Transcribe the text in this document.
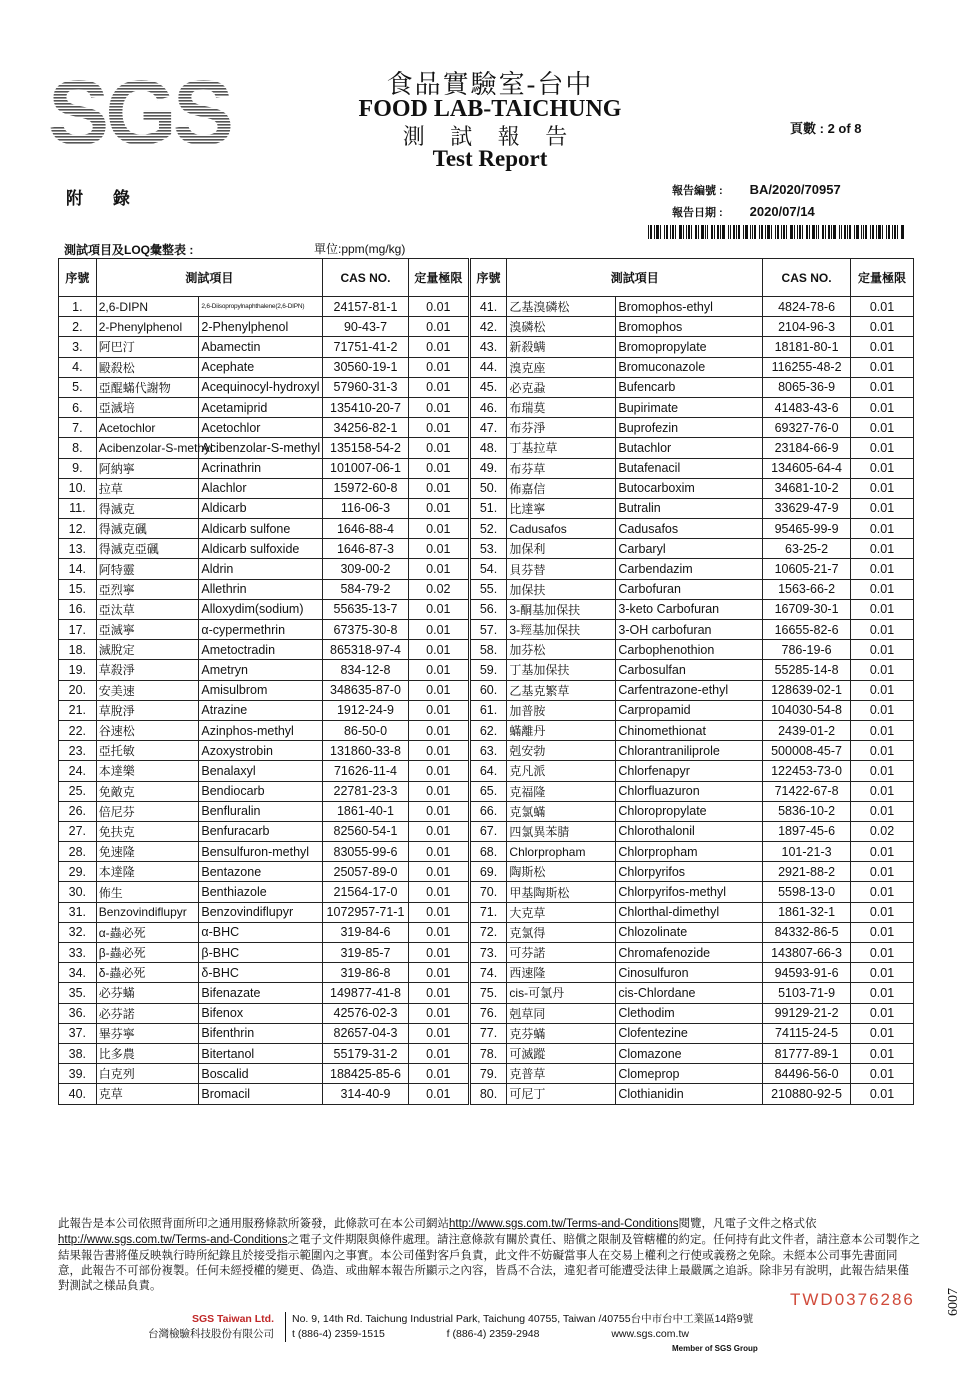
SGS	食品實驗室-台中
FOOD LAB-TAICHUNG
測 試 報 告
Test Report
頁數 : 2 of 8
附 錄	報告編號 : BA/2020/70957
報告日期 : 2020/07/14
測試項目及LOQ彙整表 :	單位:ppm(mg/kg)
序號	測試項目		CAS NO.	定量極限	序號	測試項目		CAS NO.	定量極限
1.	2,6-DIPN	2,6-Diisopropylnaphthalene(2,6-DIPN)	24157-81-1	0.01	41.	乙基溴磷松	Bromophos-ethyl	4824-78-6	0.01
2.	2-Phenylphenol	2-Phenylphenol	90-43-7	0.01	42.	溴磷松	Bromophos	2104-96-3	0.01
3.	阿巴汀	Abamectin	71751-41-2	0.01	43.	新殺螨	Bromopropylate	18181-80-1	0.01
4.	毆殺松	Acephate	30560-19-1	0.01	44.	溴克座	Bromuconazole	116255-48-2	0.01
5.	亞醌蟎代謝物	Acequinocyl-hydroxyl	57960-31-3	0.01	45.	必克蝨	Bufencarb	8065-36-9	0.01
6.	亞滅培	Acetamiprid	135410-20-7	0.01	46.	布瑞莫	Bupirimate	41483-43-6	0.01
7.	Acetochlor	Acetochlor	34256-82-1	0.01	47.	布芬淨	Buprofezin	69327-76-0	0.01
8.	Acibenzolar-S-methyl	Acibenzolar-S-methyl	135158-54-2	0.01	48.	丁基拉草	Butachlor	23184-66-9	0.01
9.	阿納寧	Acrinathrin	101007-06-1	0.01	49.	布芬草	Butafenacil	134605-64-4	0.01
10.	拉草	Alachlor	15972-60-8	0.01	50.	佈嘉信	Butocarboxim	34681-10-2	0.01
11.	得滅克	Aldicarb	116-06-3	0.01	51.	比達寧	Butralin	33629-47-9	0.01
12.	得滅克碸	Aldicarb sulfone	1646-88-4	0.01	52.	Cadusafos	Cadusafos	95465-99-9	0.01
13.	得滅克亞碸	Aldicarb sulfoxide	1646-87-3	0.01	53.	加保利	Carbaryl	63-25-2	0.01
14.	阿特靈	Aldrin	309-00-2	0.01	54.	貝芬替	Carbendazim	10605-21-7	0.01
15.	亞烈寧	Allethrin	584-79-2	0.02	55.	加保扶	Carbofuran	1563-66-2	0.01
16.	亞汰草	Alloxydim(sodium)	55635-13-7	0.01	56.	3-酮基加保扶	3-keto Carbofuran	16709-30-1	0.01
17.	亞滅寧	α-cypermethrin	67375-30-8	0.01	57.	3-羥基加保扶	3-OH carbofuran	16655-82-6	0.01
18.	滅脫定	Ametoctradin	865318-97-4	0.01	58.	加芬松	Carbophenothion	786-19-6	0.01
19.	草殺淨	Ametryn	834-12-8	0.01	59.	丁基加保扶	Carbosulfan	55285-14-8	0.01
20.	安美速	Amisulbrom	348635-87-0	0.01	60.	乙基克繁草	Carfentrazone-ethyl	128639-02-1	0.01
21.	草脫淨	Atrazine	1912-24-9	0.01	61.	加普胺	Carpropamid	104030-54-8	0.01
22.	谷速松	Azinphos-methyl	86-50-0	0.01	62.	蟎離丹	Chinomethionat	2439-01-2	0.01
23.	亞托敏	Azoxystrobin	131860-33-8	0.01	63.	剋安勃	Chlorantraniliprole	500008-45-7	0.01
24.	本達樂	Benalaxyl	71626-11-4	0.01	64.	克凡派	Chlorfenapyr	122453-73-0	0.01
25.	免敵克	Bendiocarb	22781-23-3	0.01	65.	克福隆	Chlorfluazuron	71422-67-8	0.01
26.	倍尼芬	Benfluralin	1861-40-1	0.01	66.	克氯蟎	Chloropropylate	5836-10-2	0.01
27.	免扶克	Benfuracarb	82560-54-1	0.01	67.	四氯異苯腈	Chlorothalonil	1897-45-6	0.02
28.	免速隆	Bensulfuron-methyl	83055-99-6	0.01	68.	Chlorpropham	Chlorpropham	101-21-3	0.01
29.	本達隆	Bentazone	25057-89-0	0.01	69.	陶斯松	Chlorpyrifos	2921-88-2	0.01
30.	佈生	Benthiazole	21564-17-0	0.01	70.	甲基陶斯松	Chlorpyrifos-methyl	5598-13-0	0.01
31.	Benzovindiflupyr	Benzovindiflupyr	1072957-71-1	0.01	71.	大克草	Chlorthal-dimethyl	1861-32-1	0.01
32.	α-蟲必死	α-BHC	319-84-6	0.01	72.	克氯得	Chlozolinate	84332-86-5	0.01
33.	β-蟲必死	β-BHC	319-85-7	0.01	73.	可芬諾	Chromafenozide	143807-66-3	0.01
34.	δ-蟲必死	δ-BHC	319-86-8	0.01	74.	西速隆	Cinosulfuron	94593-91-6	0.01
35.	必芬蟎	Bifenazate	149877-41-8	0.01	75.	cis-可氯丹	cis-Chlordane	5103-71-9	0.01
36.	必芬諾	Bifenox	42576-02-3	0.01	76.	剋草同	Clethodim	99129-21-2	0.01
37.	畢芬寧	Bifenthrin	82657-04-3	0.01	77.	克芬蟎	Clofentezine	74115-24-5	0.01
38.	比多農	Bitertanol	55179-31-2	0.01	78.	可滅蹤	Clomazone	81777-89-1	0.01
39.	白克列	Boscalid	188425-85-6	0.01	79.	克普草	Clomeprop	84496-56-0	0.01
40.	克草	Bromacil	314-40-9	0.01	80.	可尼丁	Clothianidin	210880-92-5	0.01
此報告是本公司依照背面所印之通用服務條款所簽發，此條款可在本公司網站http://www.sgs.com.tw/Terms-and-Conditions閱覽，凡電子文件之格式依http://www.sgs.com.tw/Terms-and-Conditions之電子文件期限與條件處理。請注意條款有關於責任、賠償之限制及管轄權的約定。任何持有此文件者，請注意本公司製作之結果報告書將僅反映執行時所紀錄且於接受指示範圍內之事實。本公司僅對客戶負責，此文件不妨礙當事人在交易上權利之行使或義務之免除。未經本公司事先書面同意，此報告不可部份複製。任何未經授權的變更、偽造、或曲解本報告所顯示之內容，皆爲不合法，違犯者可能遭受法律上最嚴厲之追訴。除非另有說明，此報告結果僅對測試之樣品負責。
TWD0376286 6007
SGS Taiwan Ltd.
台灣檢驗科技股份有限公司
No. 9, 14th Rd. Taichung Industrial Park, Taichung 40755, Taiwan /40755台中市台中工業區14路9號
t (886-4) 2359-1515	f (886-4) 2359-2948	www.sgs.com.tw
Member of SGS Group
